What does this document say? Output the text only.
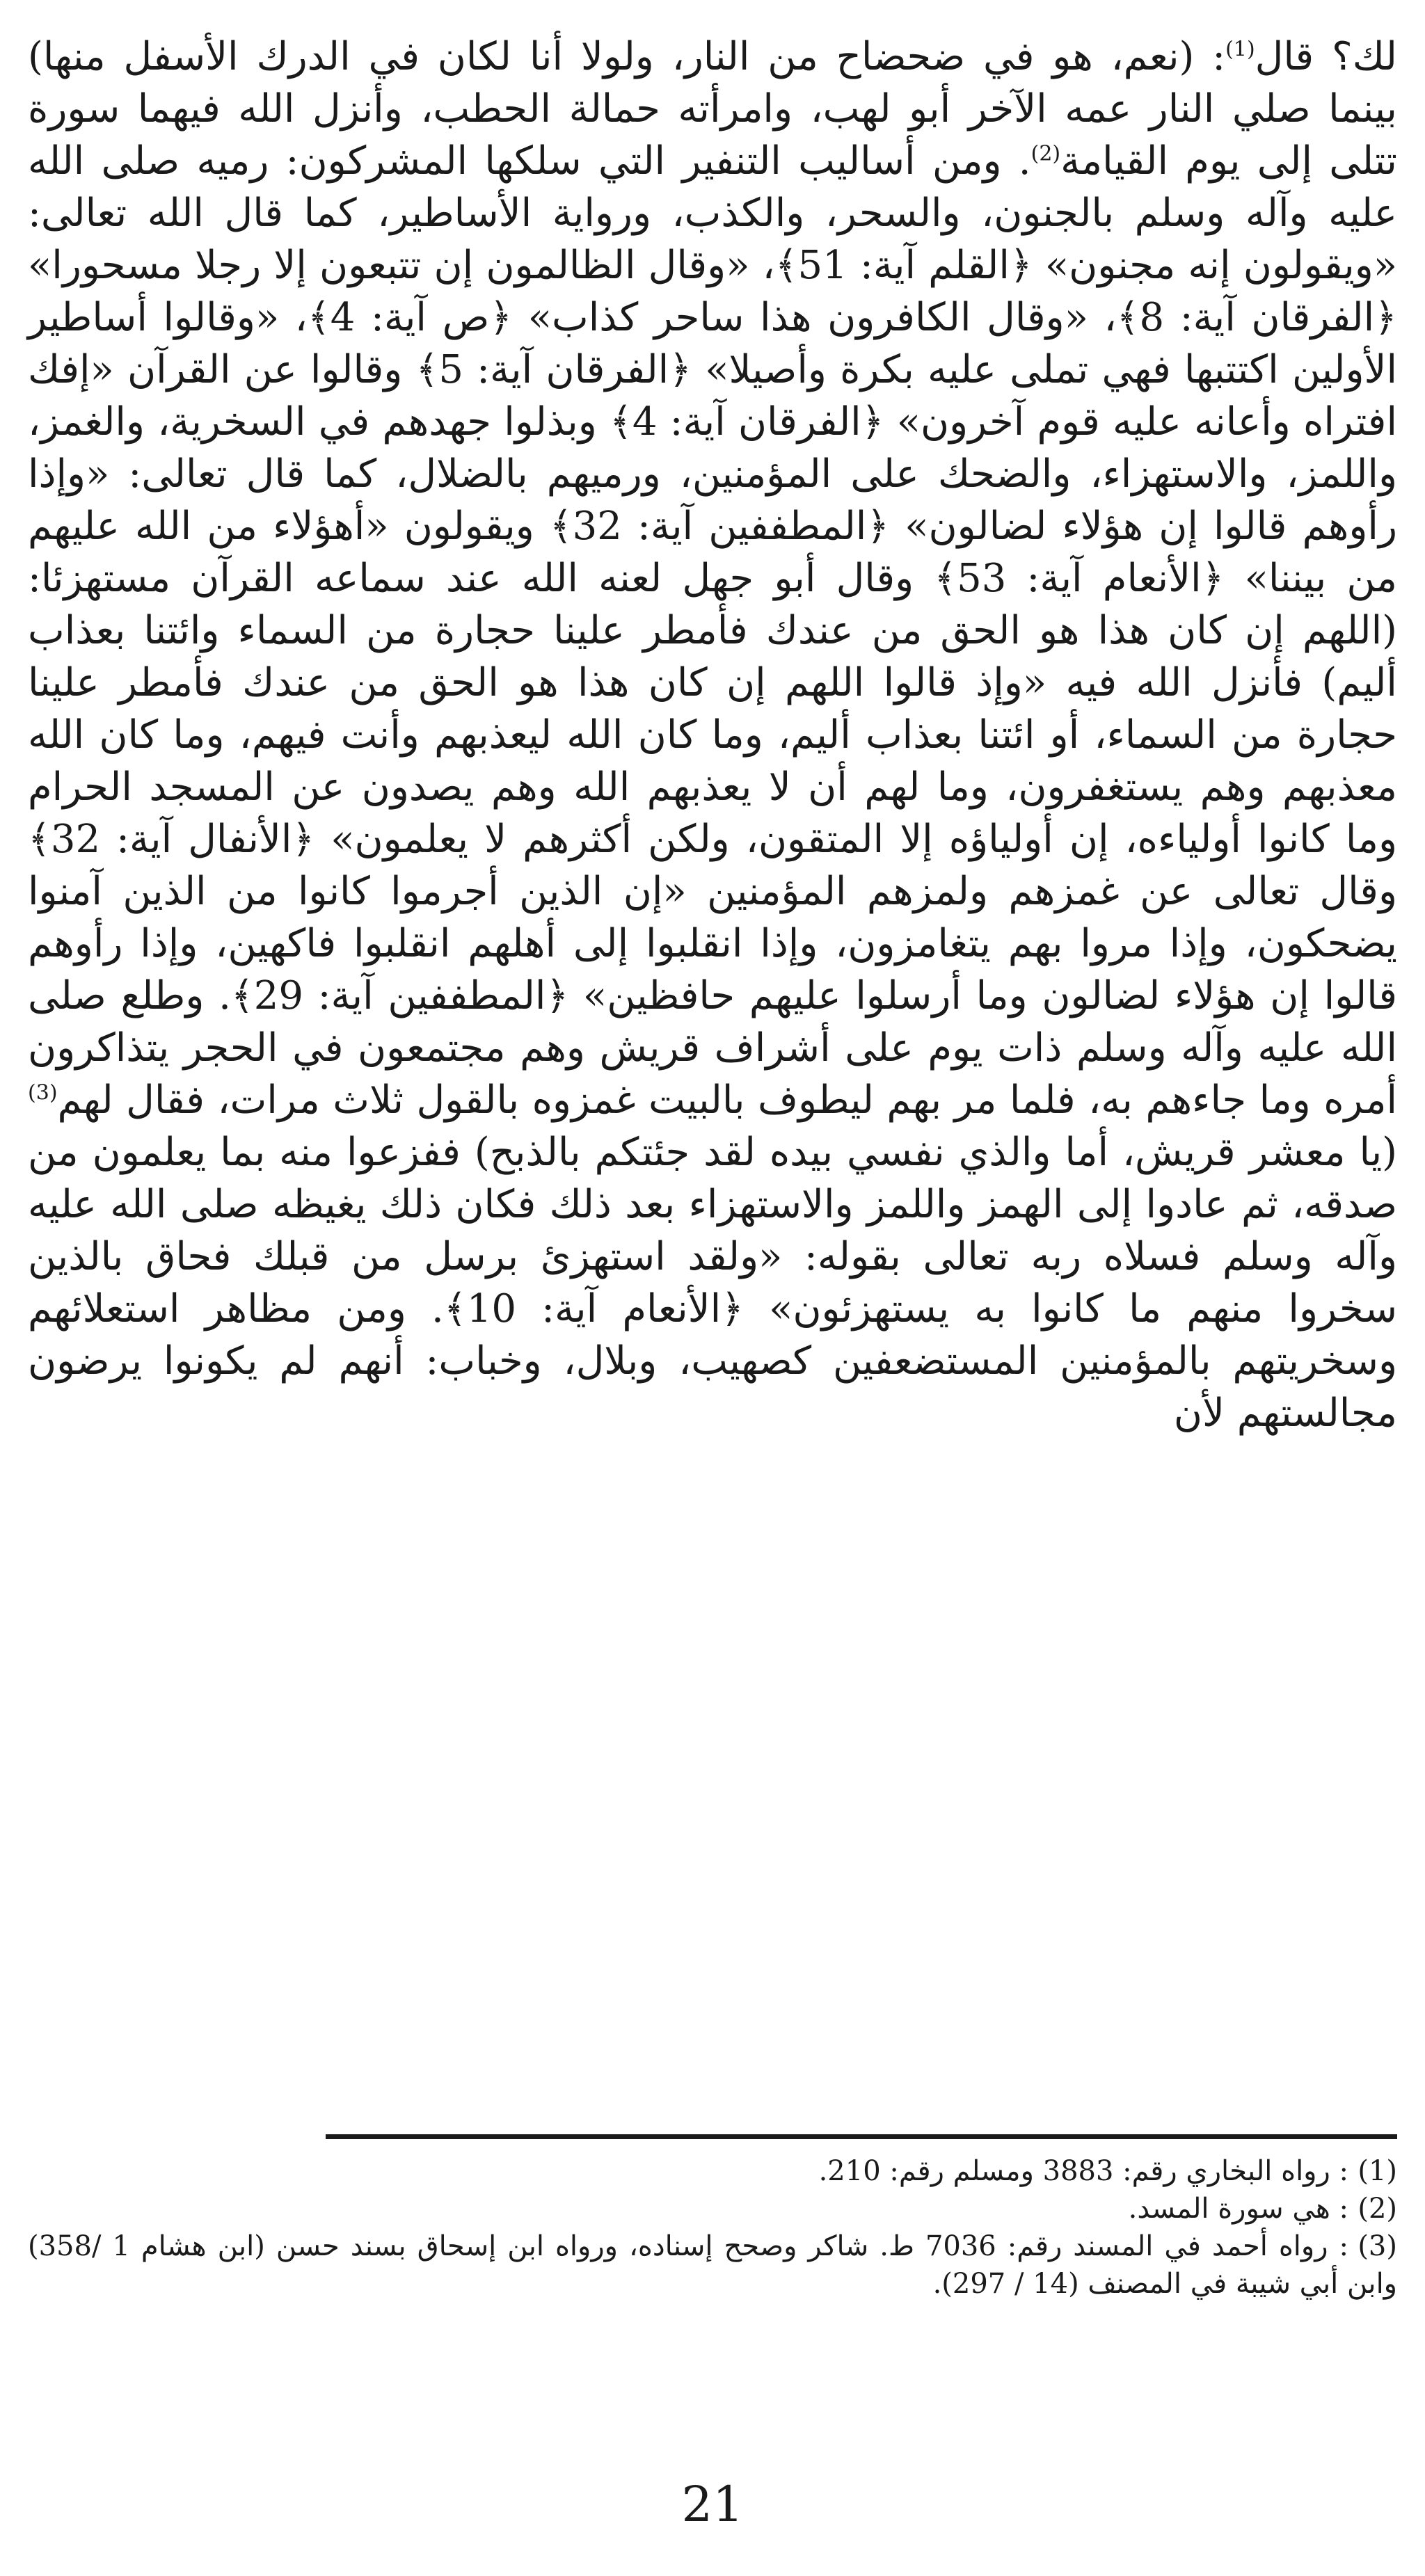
لك؟ قال$^{(1)}$: (نعم، هو في ضحضاح من النار، ولولا أنا لكان في الدرك الأسفل منها) بينما صلي النار عمه الآخر أبو لهب، وامرأته حمالة الحطب، وأنزل الله فيهما سورة تتلى إلى يوم القيامة$^{(2)}$. ومن أساليب التنفير التي سلكها المشركون: رميه صلى الله عليه وآله وسلم بالجنون، والسحر، والكذب، ورواية الأساطير، كما قال الله تعالى: «ويقولون إنه مجنون» ﴿القلم آية: 51﴾، «وقال الظالمون إن تتبعون إلا رجلا مسحورا» ﴿الفرقان آية: 8﴾، «وقال الكافرون هذا ساحر كذاب» ﴿ص آية: 4﴾، «وقالوا أساطير الأولين اكتتبها فهي تملى عليه بكرة وأصيلا» ﴿الفرقان آية: 5﴾ وقالوا عن القرآن «إفك افتراه وأعانه عليه قوم آخرون» ﴿الفرقان آية: 4﴾ وبذلوا جهدهم في السخرية، والغمز، واللمز، والاستهزاء، والضحك على المؤمنين، ورميهم بالضلال، كما قال تعالى: «وإذا رأوهم قالوا إن هؤلاء لضالون» ﴿المطففين آية: 32﴾ ويقولون «أهؤلاء من الله عليهم من بيننا» ﴿الأنعام آية: 53﴾ وقال أبو جهل لعنه الله عند سماعه القرآن مستهزئا: (اللهم إن كان هذا هو الحق من عندك فأمطر علينا حجارة من السماء وائتنا بعذاب أليم) فأنزل الله فيه «وإذ قالوا اللهم إن كان هذا هو الحق من عندك فأمطر علينا حجارة من السماء، أو ائتنا بعذاب أليم، وما كان الله ليعذبهم وأنت فيهم، وما كان الله معذبهم وهم يستغفرون، وما لهم أن لا يعذبهم الله وهم يصدون عن المسجد الحرام وما كانوا أولياءه، إن أولياؤه إلا المتقون، ولكن أكثرهم لا يعلمون» ﴿الأنفال آية: 32﴾ وقال تعالى عن غمزهم ولمزهم المؤمنين «إن الذين أجرموا كانوا من الذين آمنوا يضحكون، وإذا مروا بهم يتغامزون، وإذا انقلبوا إلى أهلهم انقلبوا فاكهين، وإذا رأوهم قالوا إن هؤلاء لضالون وما أرسلوا عليهم حافظين» ﴿المطففين آية: 29﴾. وطلع صلى الله عليه وآله وسلم ذات يوم على أشراف قريش وهم مجتمعون في الحجر يتذاكرون أمره وما جاءهم به، فلما مر بهم ليطوف بالبيت غمزوه بالقول ثلاث مرات، فقال لهم$^{(3)}$ (يا معشر قريش، أما والذي نفسي بيده لقد جئتكم بالذبح) ففزعوا منه بما يعلمون من صدقه، ثم عادوا إلى الهمز واللمز والاستهزاء بعد ذلك فكان ذلك يغيظه صلى الله عليه وآله وسلم فسلاه ربه تعالى بقوله: «ولقد استهزئ برسل من قبلك فحاق بالذين سخروا منهم ما كانوا به يستهزئون» ﴿الأنعام آية: 10﴾. ومن مظاهر استعلائهم وسخريتهم بالمؤمنين المستضعفين كصهيب، وبلال، وخباب: أنهم لم يكونوا يرضون مجالستهم لأن

(1): رواه البخاري رقم: 3883 ومسلم رقم: 210.

(2): هي سورة المسد.

(3): رواه أحمد في المسند رقم: 7036 ط. شاكر وصحح إسناده، ورواه ابن إسحاق بسند حسن (ابن هشام 1 /358) وابن أبي شيبة في المصنف (14 / 297).

21
